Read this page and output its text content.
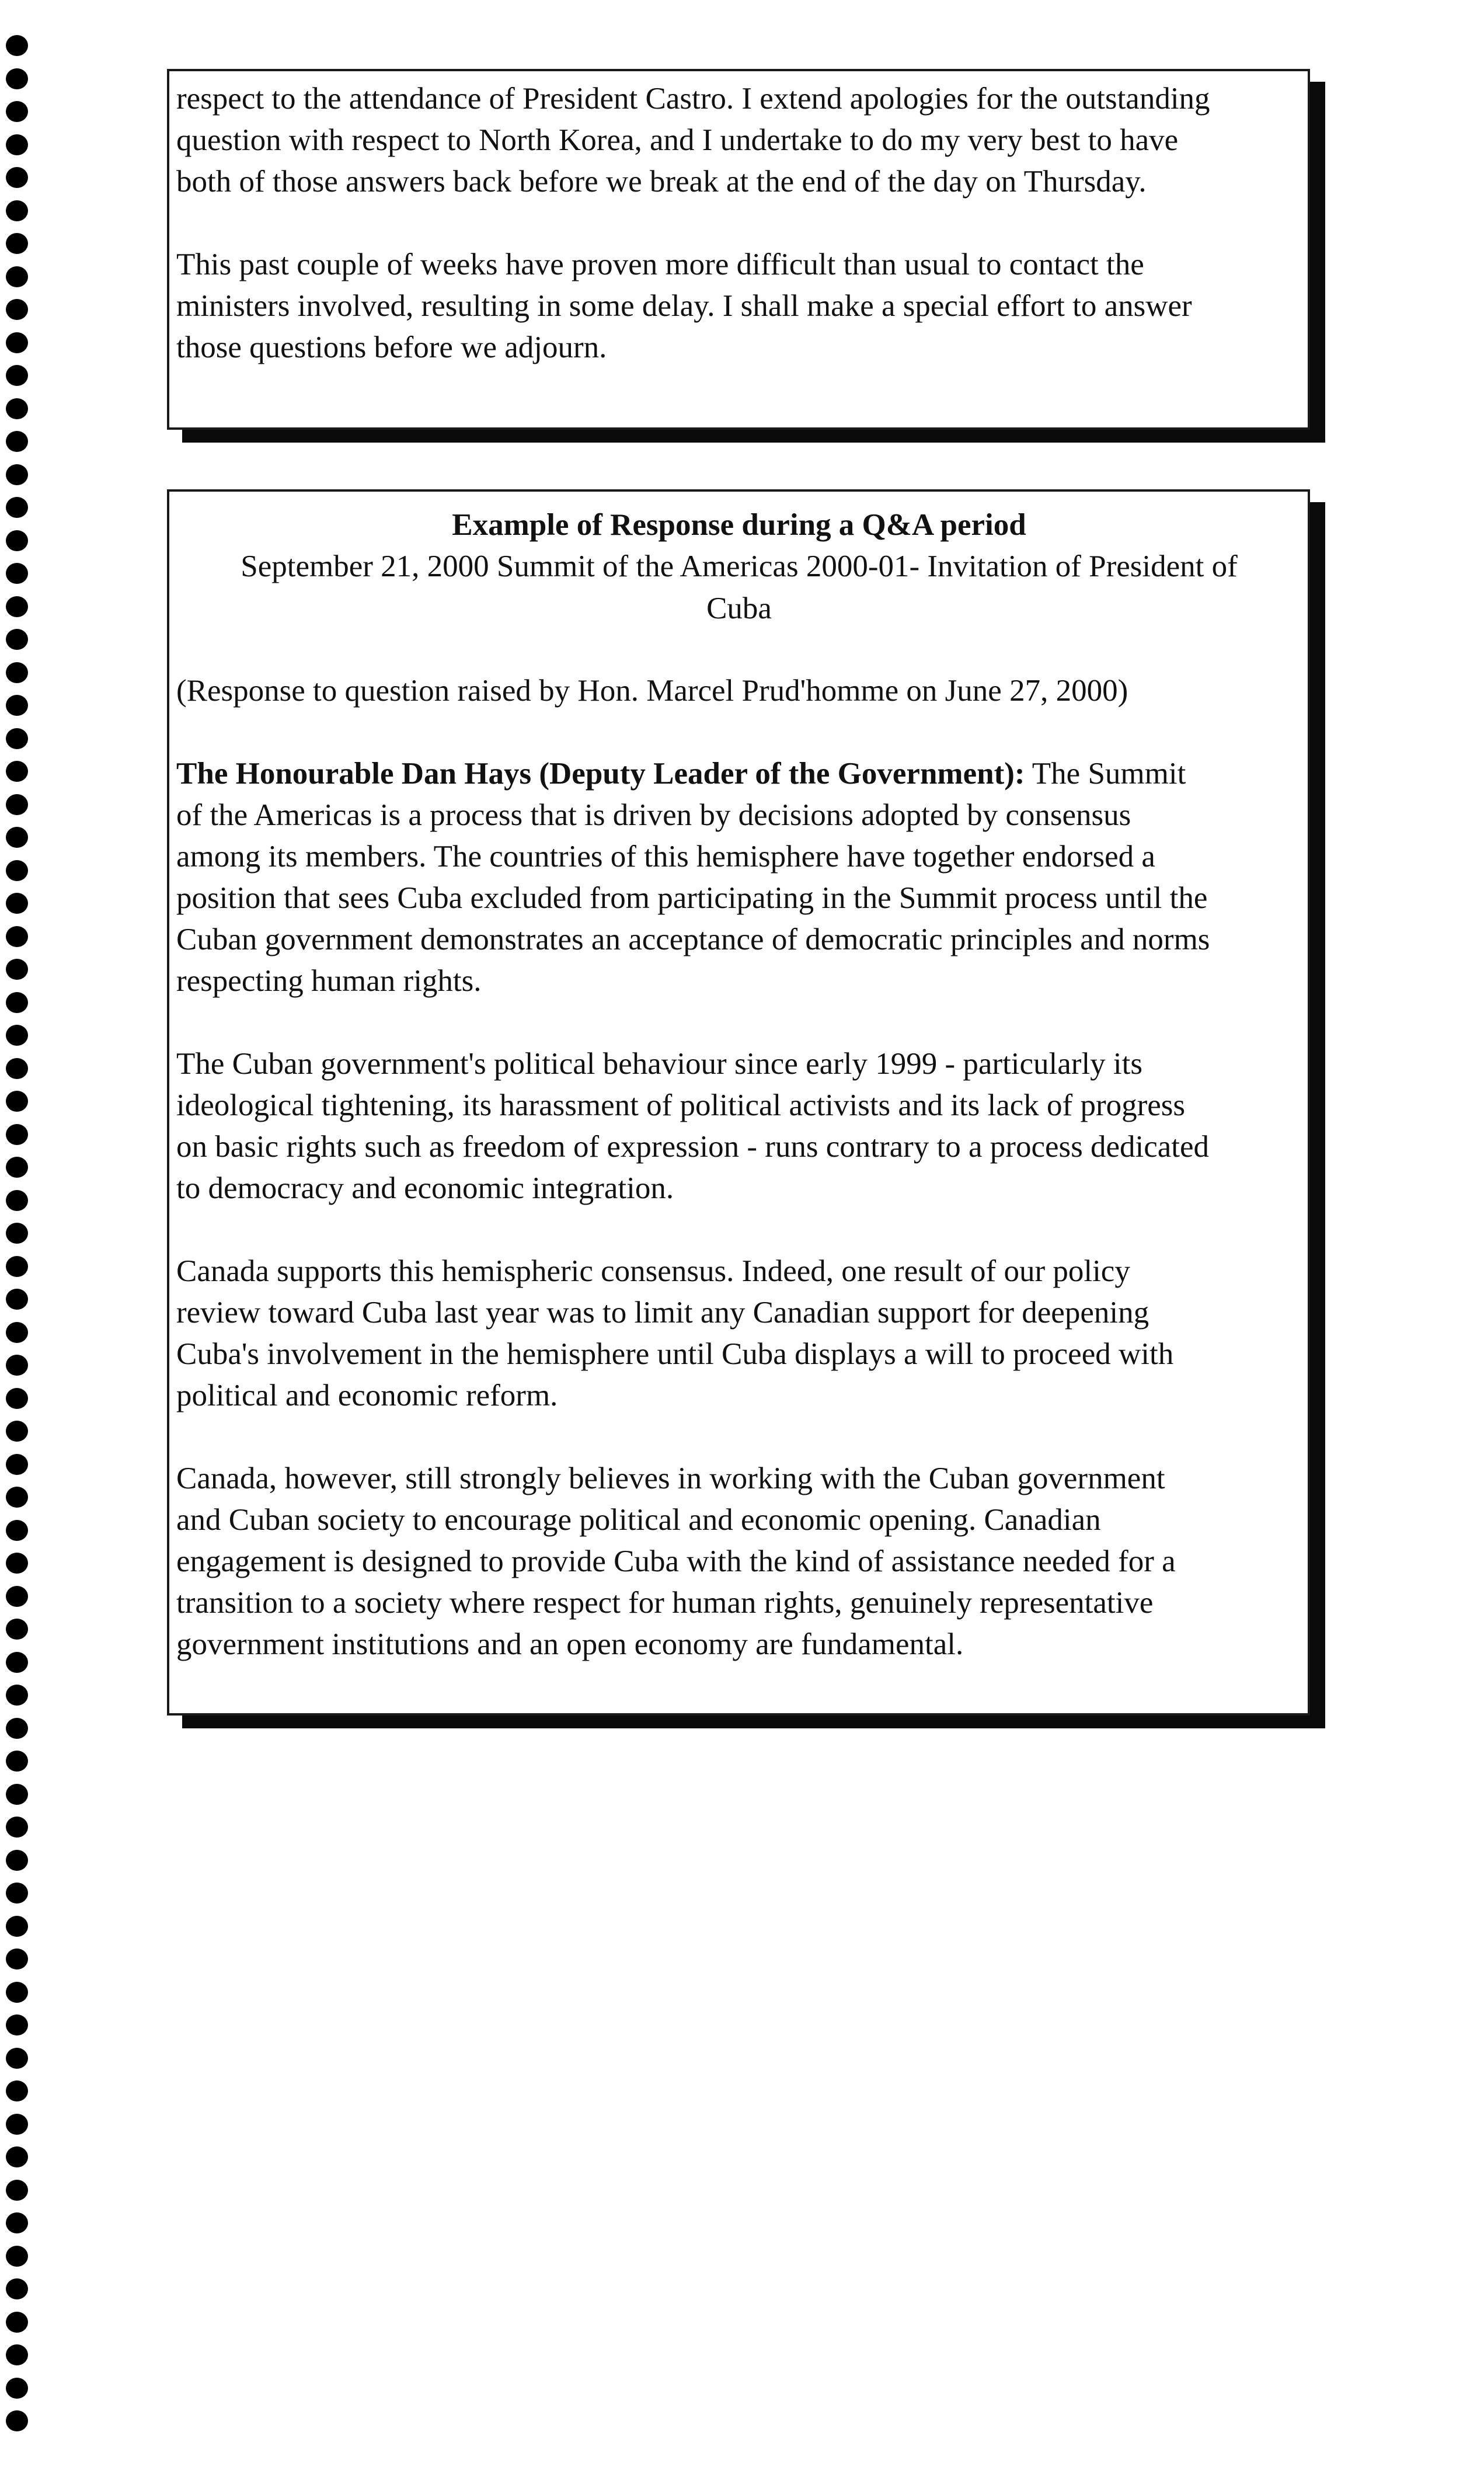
respect to the attendance of President Castro. I extend apologies for the outstanding
question with respect to North Korea, and I undertake to do my very best to have
both of those answers back before we break at the end of the day on Thursday.

This past couple of weeks have proven more difficult than usual to contact the
ministers involved, resulting in some delay. I shall make a special effort to answer
those questions before we adjourn.

Example of Response during a Q&A period

September 21, 2000 Summit of the Americas 2000-01- Invitation of President of
Cuba

(Response to question raised by Hon. Marcel Prud'homme on June 27, 2000)

The Honourable Dan Hays (Deputy Leader of the Government): The Summit
of the Americas is a process that is driven by decisions adopted by consensus
among its members. The countries of this hemisphere have together endorsed a
position that sees Cuba excluded from participating in the Summit process until the
Cuban government demonstrates an acceptance of democratic principles and norms
respecting human rights.

The Cuban government's political behaviour since early 1999 - particularly its
ideological tightening, its harassment of political activists and its lack of progress
on basic rights such as freedom of expression - runs contrary to a process dedicated
to democracy and economic integration.

Canada supports this hemispheric consensus. Indeed, one result of our policy
review toward Cuba last year was to limit any Canadian support for deepening
Cuba's involvement in the hemisphere until Cuba displays a will to proceed with
political and economic reform.

Canada, however, still strongly believes in working with the Cuban government
and Cuban society to encourage political and economic opening. Canadian
engagement is designed to provide Cuba with the kind of assistance needed for a
transition to a society where respect for human rights, genuinely representative
government institutions and an open economy are fundamental.
